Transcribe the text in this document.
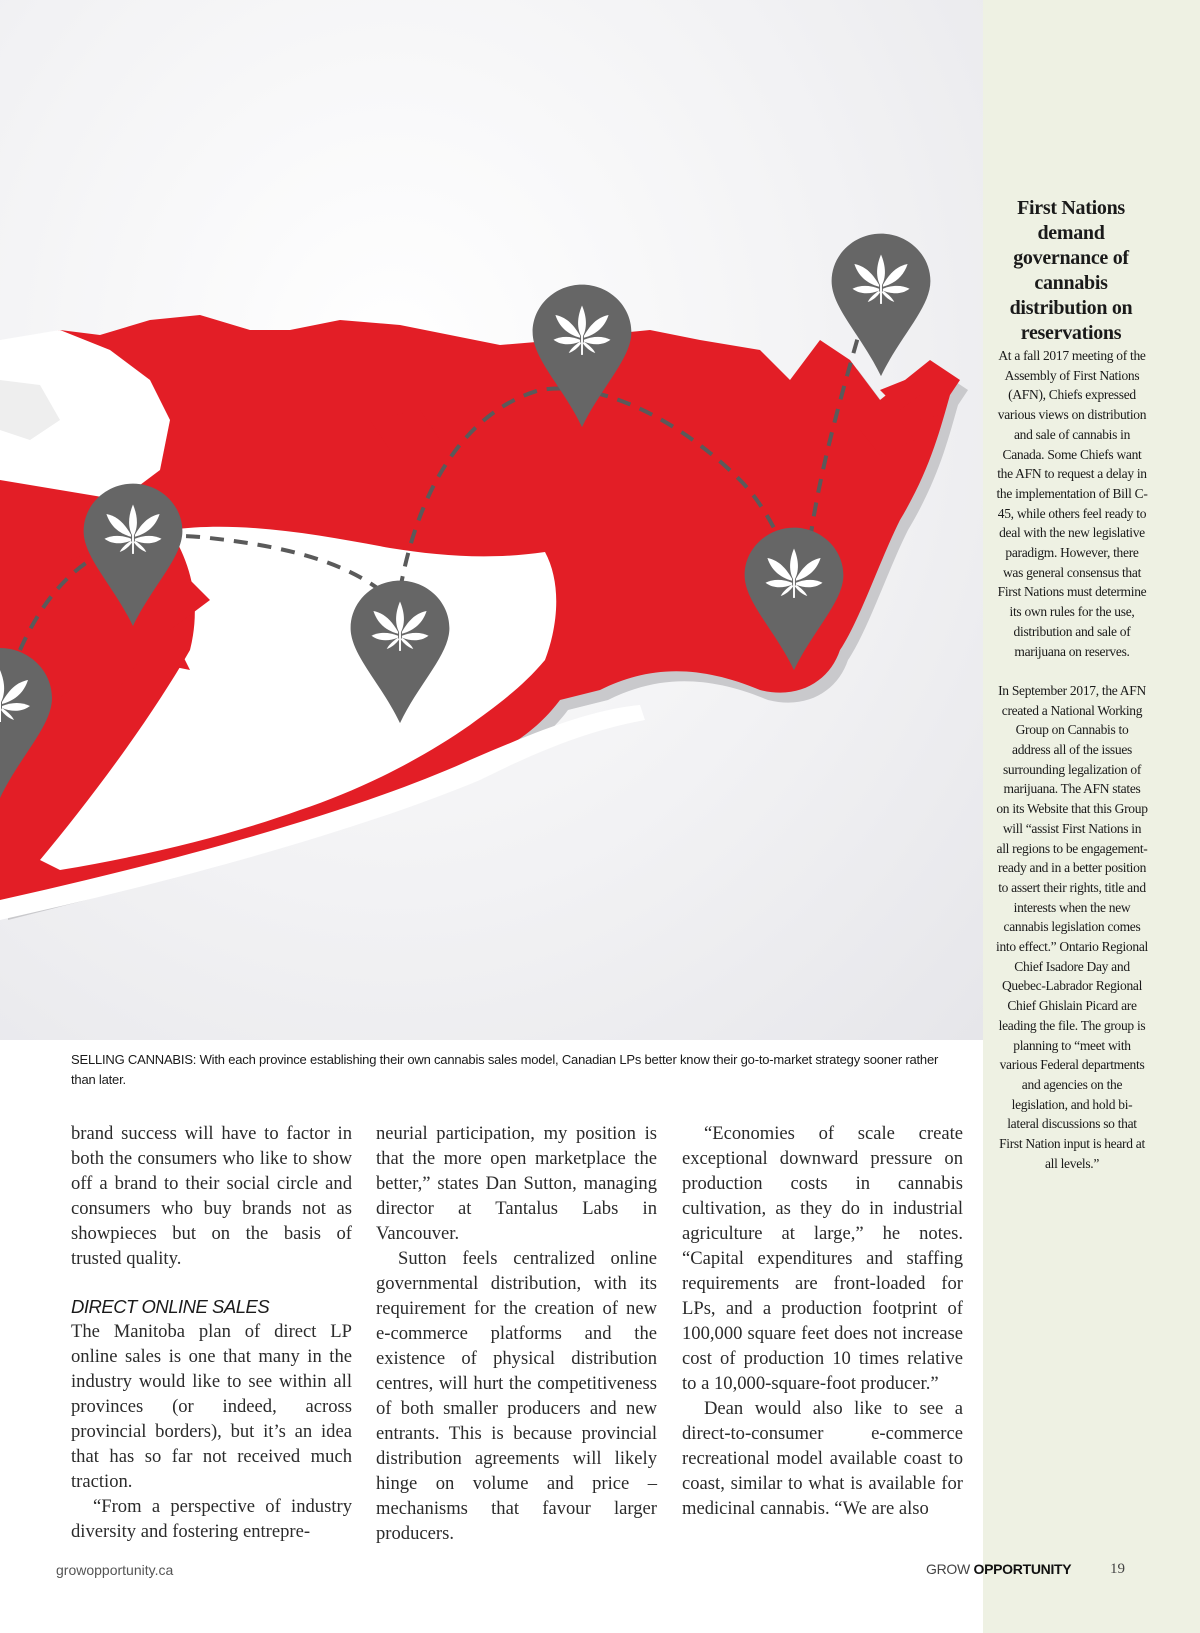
First Nations demand governance of cannabis distribution on reservations

At a fall 2017 meeting of the Assembly of First Nations (AFN), Chiefs expressed various views on distribution and sale of cannabis in Canada. Some Chiefs want the AFN to request a delay in the implementation of Bill C-45, while others feel ready to deal with the new legislative paradigm. However, there was general consensus that First Nations must determine its own rules for the use, distribution and sale of marijuana on reserves.

In September 2017, the AFN created a National Working Group on Cannabis to address all of the issues surrounding legalization of marijuana. The AFN states on its Website that this Group will “assist First Nations in all regions to be engagement-ready and in a better position to assert their rights, title and interests when the new cannabis legislation comes into effect.” Ontario Regional Chief Isadore Day and Quebec-Labrador Regional Chief Ghislain Picard are leading the file. The group is planning to “meet with various Federal departments and agencies on the legislation, and hold bi-lateral discussions so that First Nation input is heard at all levels.”

SELLING CANNABIS: With each province establishing their own cannabis sales model, Canadian LPs better know their go-to-market strategy sooner rather than later.

brand success will have to factor in both the consumers who like to show off a brand to their social circle and consumers who buy brands not as showpieces but on the basis of trusted quality.

DIRECT ONLINE SALES

The Manitoba plan of direct LP online sales is one that many in the industry would like to see within all provinces (or indeed, across provincial borders), but it’s an idea that has so far not received much traction.

“From a perspective of industry diversity and fostering entrepre-

neurial participation, my position is that the more open marketplace the better,” states Dan Sutton, managing director at Tantalus Labs in Vancouver.

Sutton feels centralized online governmental distribution, with its requirement for the creation of new e-commerce platforms and the existence of physical distribution centres, will hurt the competitiveness of both smaller producers and new entrants. This is because provincial distribution agreements will likely hinge on volume and price – mechanisms that favour larger producers.

“Economies of scale create exceptional downward pressure on production costs in cannabis cultivation, as they do in industrial agriculture at large,” he notes. “Capital expenditures and staffing requirements are front-loaded for LPs, and a production footprint of 100,000 square feet does not increase cost of production 10 times relative to a 10,000-square-foot producer.”

Dean would also like to see a direct-to-consumer e-commerce recreational model available coast to coast, similar to what is available for medicinal cannabis. “We are also

growopportunity.ca	GROW OPPORTUNITY	19
